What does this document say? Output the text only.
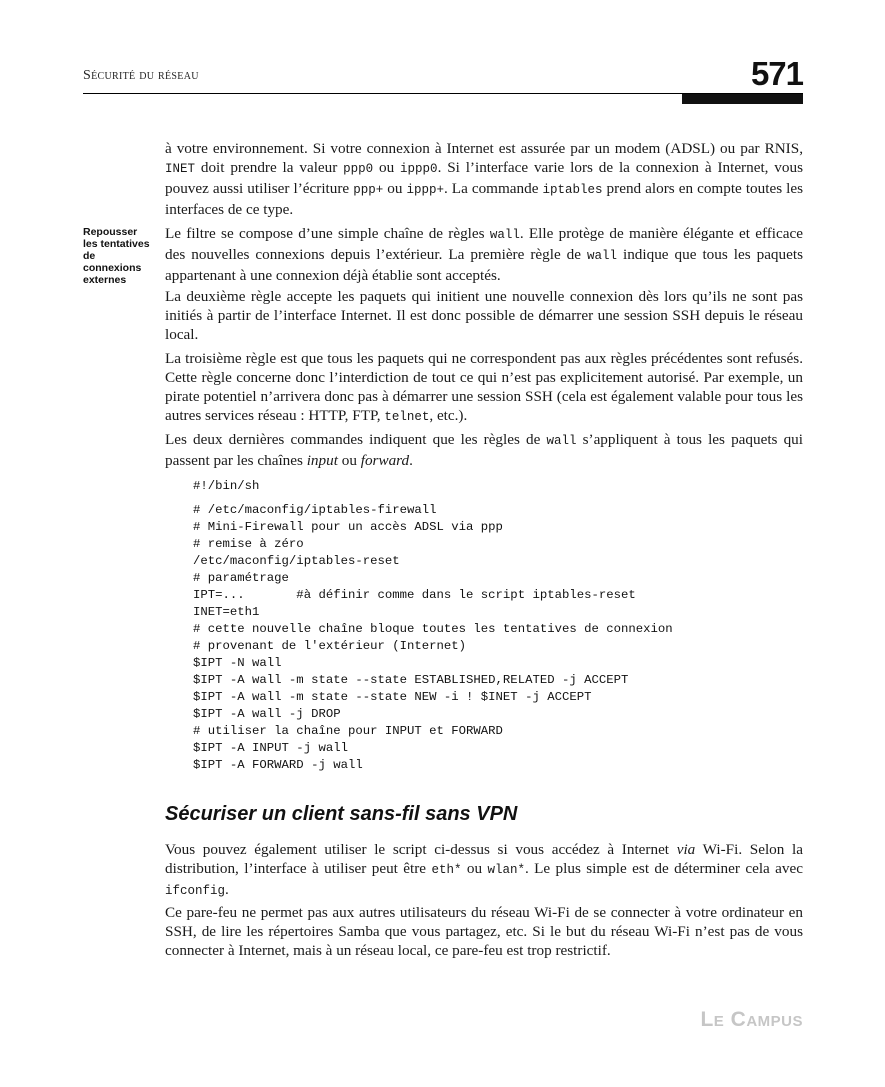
Sécurité du réseau	571
Repousser les tentatives de connexions externes

à votre environnement. Si votre connexion à Internet est assurée par un modem (ADSL) ou par RNIS, INET doit prendre la valeur ppp0 ou ippp0. Si l’interface varie lors de la connexion à Internet, vous pouvez aussi utiliser l’écriture ppp+ ou ippp+. La commande iptables prend alors en compte toutes les interfaces de ce type.

Le filtre se compose d’une simple chaîne de règles wall. Elle protège de manière élégante et efficace des nouvelles connexions depuis l’extérieur. La première règle de wall indique que tous les paquets appartenant à une connexion déjà établie sont acceptés.

La deuxième règle accepte les paquets qui initient une nouvelle connexion dès lors qu’ils ne sont pas initiés à partir de l’interface Internet. Il est donc possible de démarrer une session SSH depuis le réseau local.

La troisième règle est que tous les paquets qui ne correspondent pas aux règles précédentes sont refusés. Cette règle concerne donc l’interdiction de tout ce qui n’est pas explicitement autorisé. Par exemple, un pirate potentiel n’arrivera donc pas à démarrer une session SSH (cela est également valable pour tous les autres services réseau : HTTP, FTP, telnet, etc.).

Les deux dernières commandes indiquent que les règles de wall s’appliquent à tous les paquets qui passent par les chaînes input ou forward.

#!/bin/sh
# /etc/maconfig/iptables-firewall
# Mini-Firewall pour un accès ADSL via ppp
# remise à zéro
/etc/maconfig/iptables-reset
# paramétrage
IPT=...       #à définir comme dans le script iptables-reset
INET=eth1
# cette nouvelle chaîne bloque toutes les tentatives de connexion
# provenant de l'extérieur (Internet)
$IPT -N wall
$IPT -A wall -m state --state ESTABLISHED,RELATED -j ACCEPT
$IPT -A wall -m state --state NEW -i ! $INET -j ACCEPT
$IPT -A wall -j DROP
# utiliser la chaîne pour INPUT et FORWARD
$IPT -A INPUT -j wall
$IPT -A FORWARD -j wall
Sécuriser un client sans-fil sans VPN

Vous pouvez également utiliser le script ci-dessus si vous accédez à Internet via Wi-Fi. Selon la distribution, l’interface à utiliser peut être eth* ou wlan*. Le plus simple est de déterminer cela avec ifconfig.

Ce pare-feu ne permet pas aux autres utilisateurs du réseau Wi-Fi de se connecter à votre ordinateur en SSH, de lire les répertoires Samba que vous partagez, etc. Si le but du réseau Wi-Fi n’est pas de vous connecter à Internet, mais à un réseau local, ce pare-feu est trop restrictif.

Le Campus
